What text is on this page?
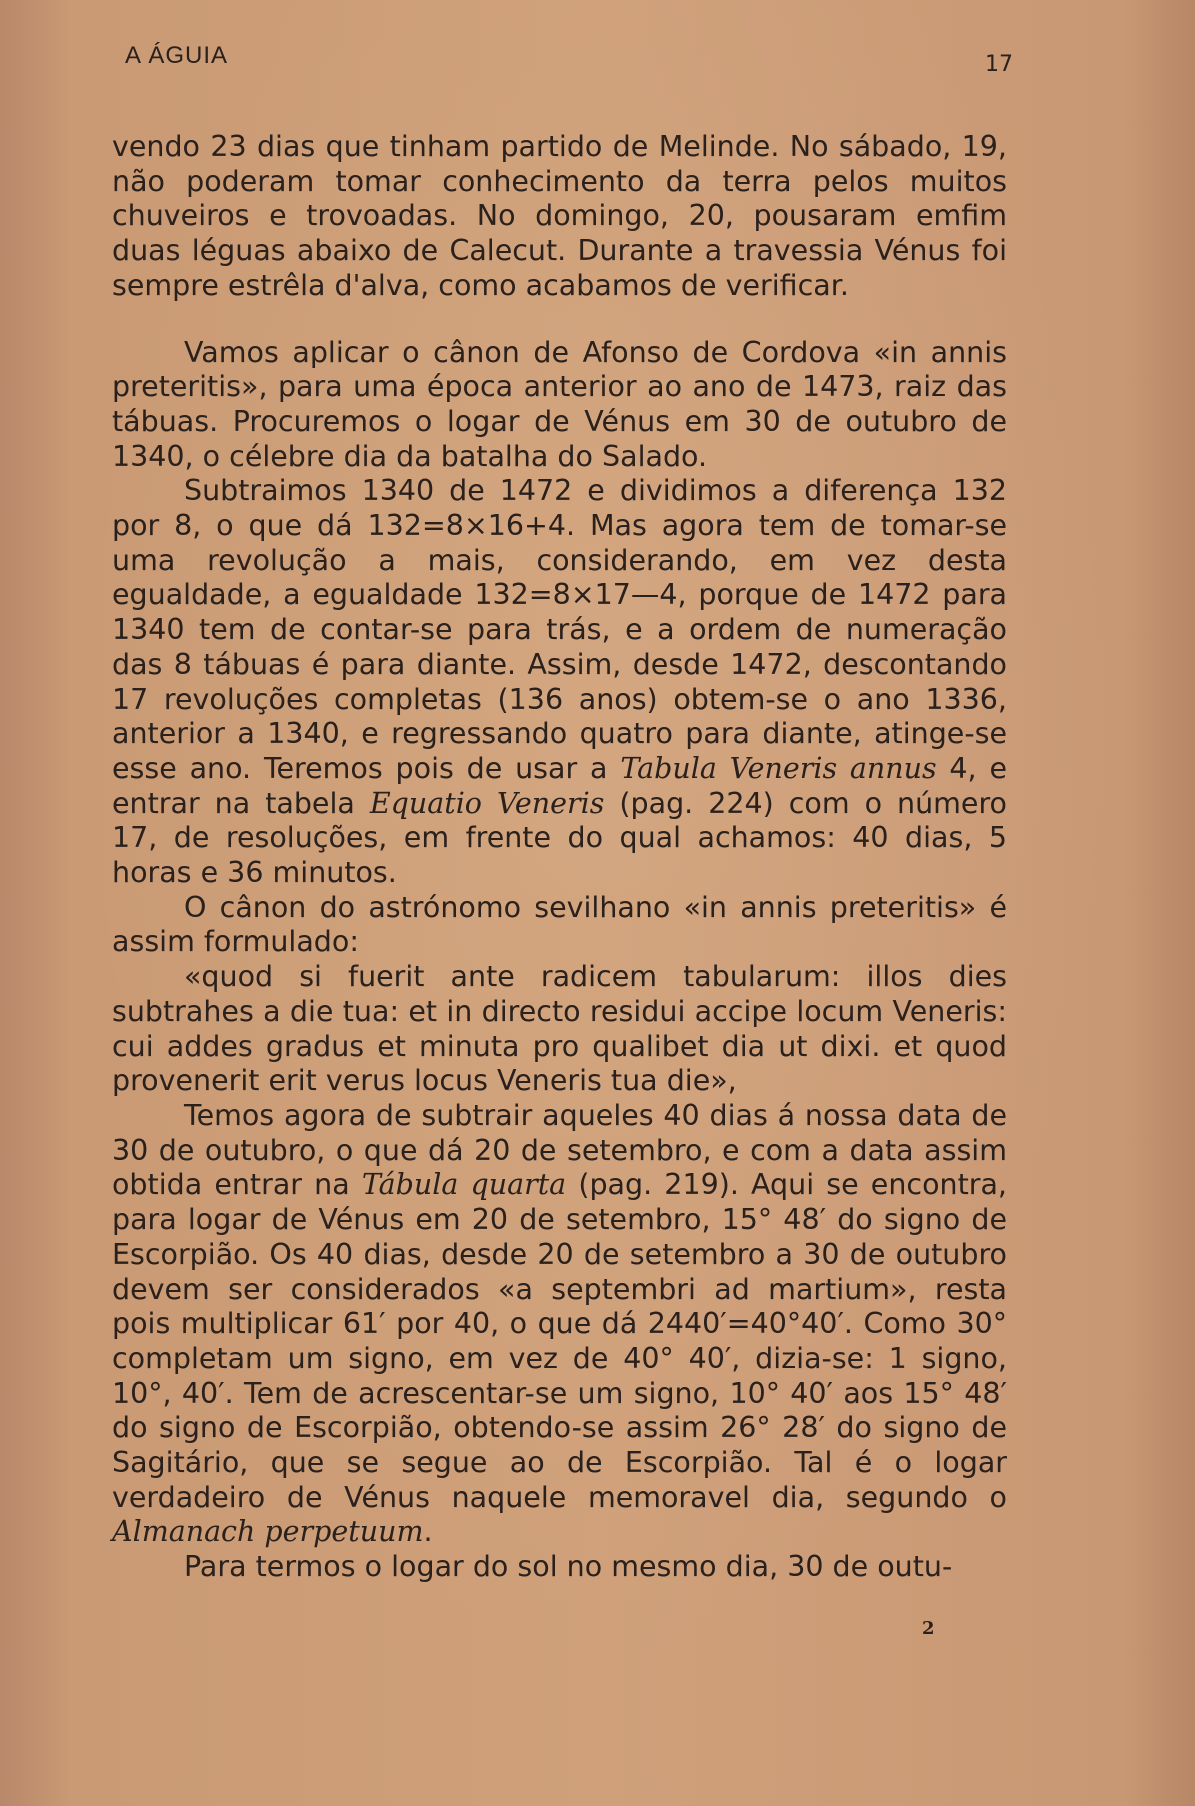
A ÁGUIA	17

vendo 23 dias que tinham partido de Melinde. No sábado, 19, não poderam tomar conhecimento da terra pelos muitos chuveiros e trovoadas. No domingo, 20, pousaram emfim duas léguas abaixo de Calecut. Durante a travessia Vénus foi sempre estrêla d'alva, como acabamos de verificar.

Vamos aplicar o cânon de Afonso de Cordova «in annis preteritis», para uma época anterior ao ano de 1473, raiz das tábuas. Procuremos o logar de Vénus em 30 de outubro de 1340, o célebre dia da batalha do Salado.

Subtraimos 1340 de 1472 e dividimos a diferença 132 por 8, o que dá 132=8×16+4. Mas agora tem de tomar-se uma revolução a mais, considerando, em vez desta egualdade, a egualdade 132=8×17—4, porque de 1472 para 1340 tem de contar-se para trás, e a ordem de numeração das 8 tábuas é para diante. Assim, desde 1472, descontando 17 revoluções completas (136 anos) obtem-se o ano 1336, anterior a 1340, e regressando quatro para diante, atinge-se esse ano. Teremos pois de usar a Tabula Veneris annus 4, e entrar na tabela Equatio Veneris (pag. 224) com o número 17, de resoluções, em frente do qual achamos: 40 dias, 5 horas e 36 minutos.

O cânon do astrónomo sevilhano «in annis preteritis» é assim formulado:

«quod si fuerit ante radicem tabularum: illos dies subtrahes a die tua: et in directo residui accipe locum Veneris: cui addes gradus et minuta pro qualibet dia ut dixi. et quod provenerit erit verus locus Veneris tua die»,

Temos agora de subtrair aqueles 40 dias á nossa data de 30 de outubro, o que dá 20 de setembro, e com a data assim obtida entrar na Tábula quarta (pag. 219). Aqui se encontra, para logar de Vénus em 20 de setembro, 15° 48′ do signo de Escorpião. Os 40 dias, desde 20 de setembro a 30 de outubro devem ser considerados «a septembri ad martium», resta pois multiplicar 61′ por 40, o que dá 2440′=40°40′. Como 30° completam um signo, em vez de 40° 40′, dizia-se: 1 signo, 10°, 40′. Tem de acrescentar-se um signo, 10° 40′ aos 15° 48′ do signo de Escorpião, obtendo-se assim 26° 28′ do signo de Sagitário, que se segue ao de Escorpião. Tal é o logar verdadeiro de Vénus naquele memoravel dia, segundo o Almanach perpetuum.

Para termos o logar do sol no mesmo dia, 30 de outu-

2
